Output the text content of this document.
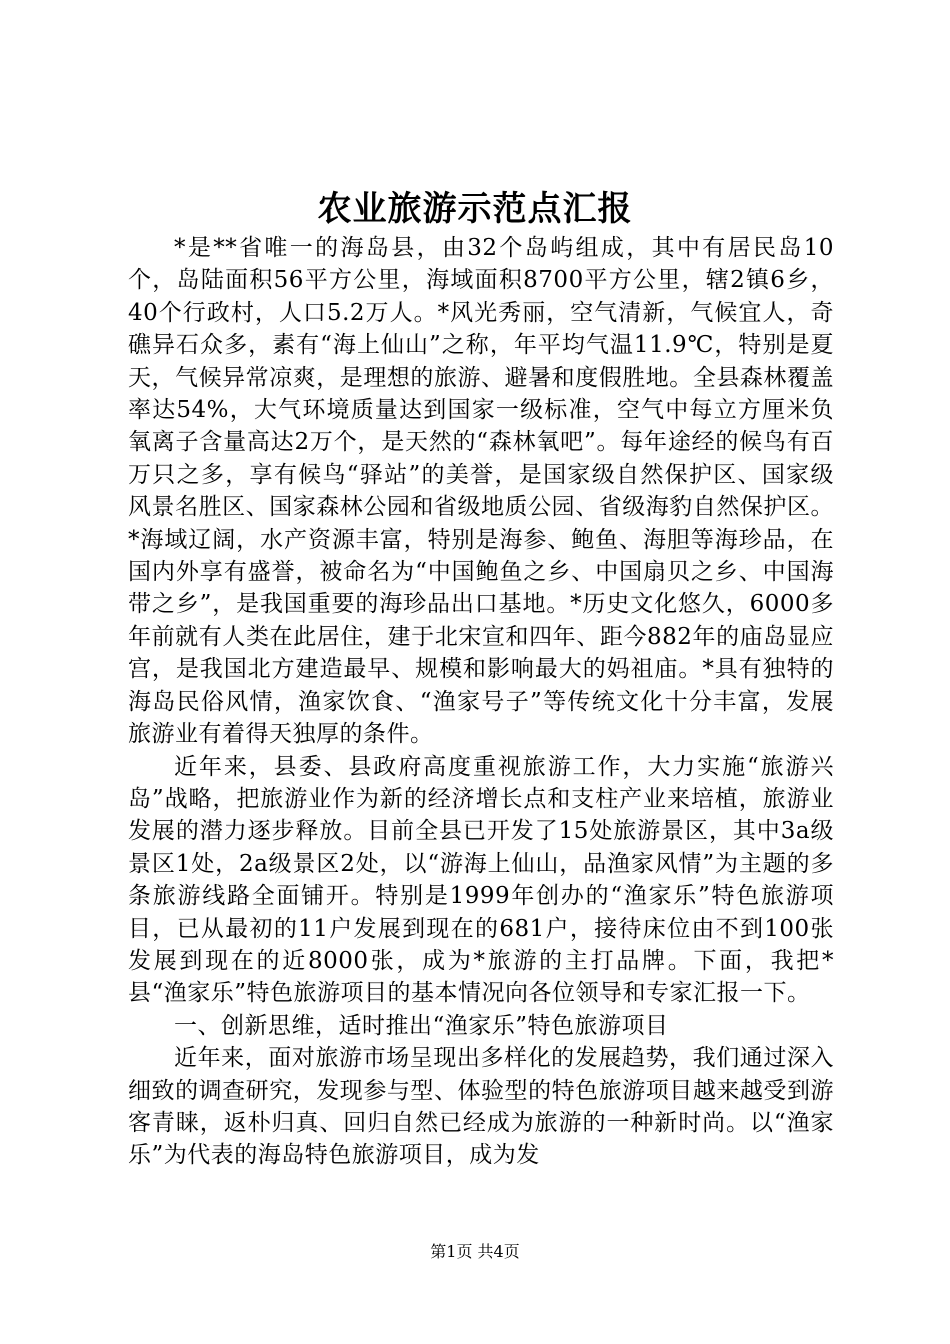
农业旅游示范点汇报

*是**省唯一的海岛县，由32个岛屿组成，其中有居民岛10个，岛陆面积56平方公里，海域面积8700平方公里，辖2镇6乡，40个行政村，人口5.2万人。*风光秀丽，空气清新，气候宜人，奇礁异石众多，素有“海上仙山”之称，年平均气温11.9℃，特别是夏天，气候异常凉爽，是理想的旅游、避暑和度假胜地。全县森林覆盖率达54%，大气环境质量达到国家一级标准，空气中每立方厘米负氧离子含量高达2万个，是天然的“森林氧吧”。每年途经的候鸟有百万只之多，享有候鸟“驿站”的美誉，是国家级自然保护区、国家级风景名胜区、国家森林公园和省级地质公园、省级海豹自然保护区。*海域辽阔，水产资源丰富，特别是海参、鲍鱼、海胆等海珍品，在国内外享有盛誉，被命名为“中国鲍鱼之乡、中国扇贝之乡、中国海带之乡”，是我国重要的海珍品出口基地。*历史文化悠久，6000多年前就有人类在此居住，建于北宋宣和四年、距今882年的庙岛显应宫，是我国北方建造最早、规模和影响最大的妈祖庙。*具有独特的海岛民俗风情，渔家饮食、“渔家号子”等传统文化十分丰富，发展旅游业有着得天独厚的条件。

近年来，县委、县政府高度重视旅游工作，大力实施“旅游兴岛”战略，把旅游业作为新的经济增长点和支柱产业来培植，旅游业发展的潜力逐步释放。目前全县已开发了15处旅游景区，其中3a级景区1处，2a级景区2处，以“游海上仙山，品渔家风情”为主题的多条旅游线路全面铺开。特别是1999年创办的“渔家乐”特色旅游项目，已从最初的11户发展到现在的681户，接待床位由不到100张发展到现在的近8000张，成为*旅游的主打品牌。下面，我把*县“渔家乐”特色旅游项目的基本情况向各位领导和专家汇报一下。

一、创新思维，适时推出“渔家乐”特色旅游项目

近年来，面对旅游市场呈现出多样化的发展趋势，我们通过深入细致的调查研究，发现参与型、体验型的特色旅游项目越来越受到游客青睐，返朴归真、回归自然已经成为旅游的一种新时尚。以“渔家乐”为代表的海岛特色旅游项目，成为发

第1页 共4页
